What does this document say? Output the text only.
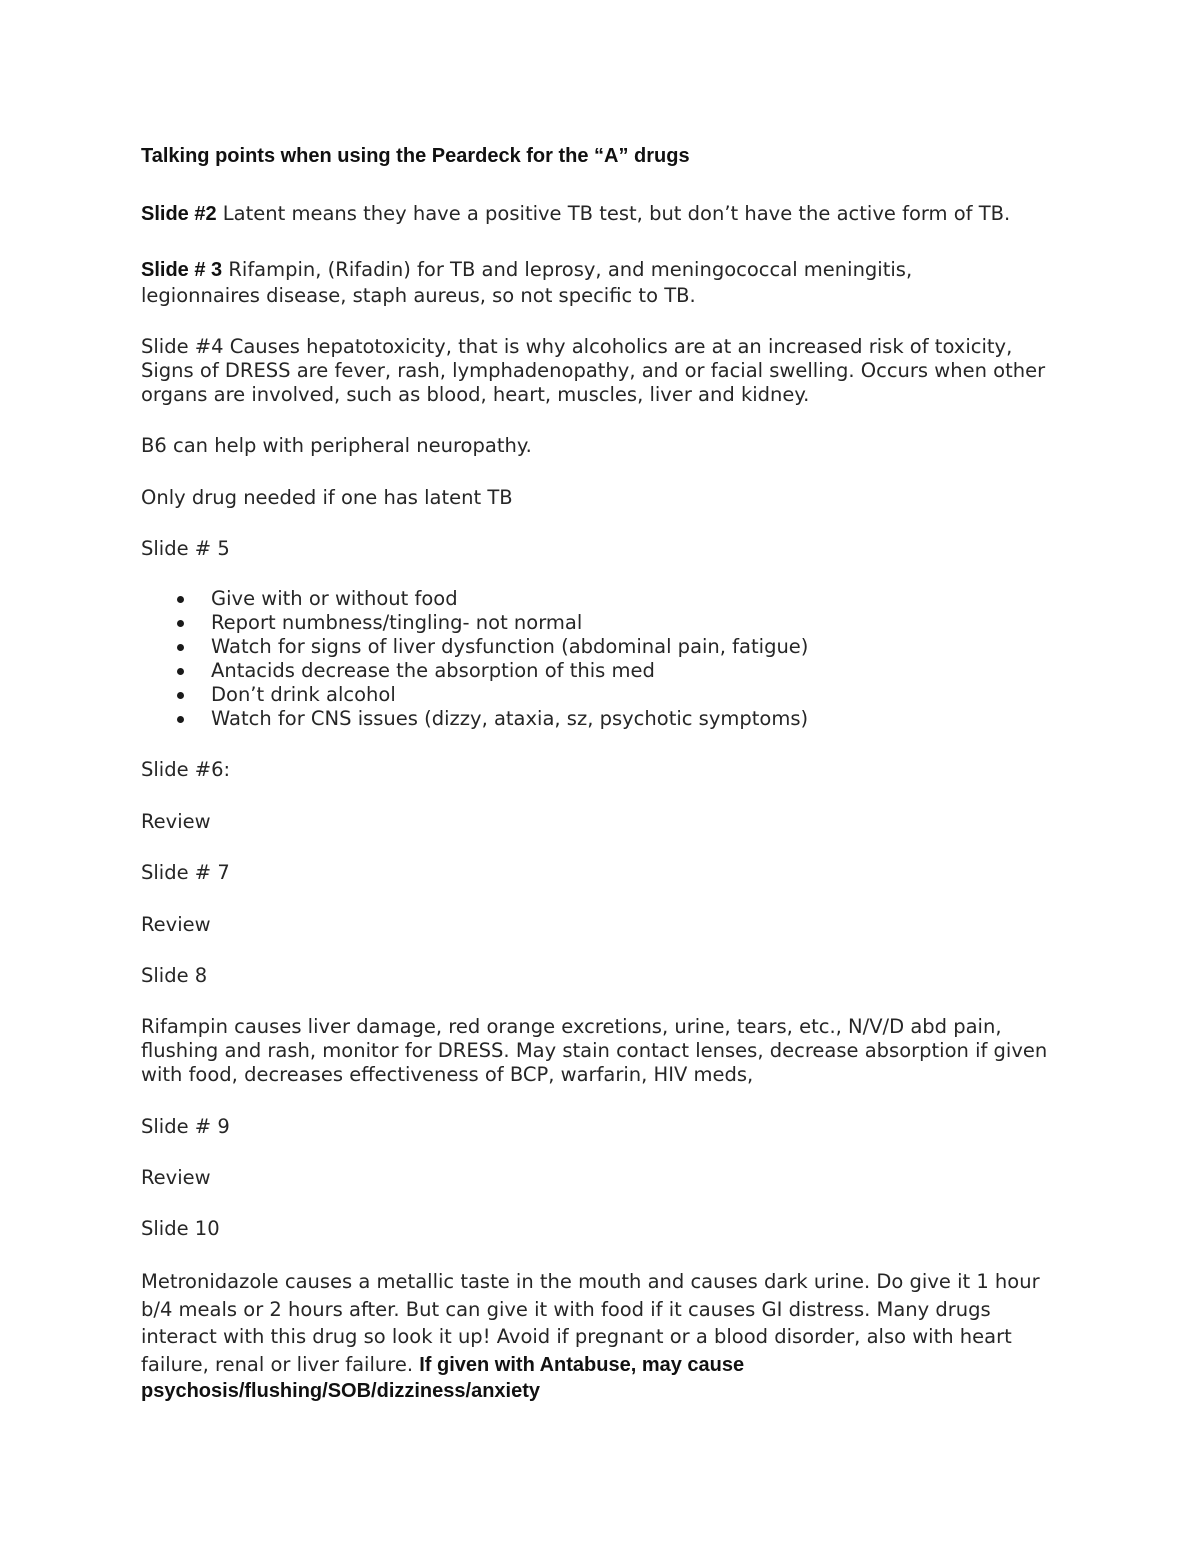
Talking points when using the Peardeck for the “A” drugs
Slide #2 Latent means they have a positive TB test, but don’t have the active form of TB.
Slide # 3 Rifampin, (Rifadin) for TB and leprosy, and meningococcal meningitis, legionnaires disease, staph aureus, so not specific to TB.
Slide #4 Causes hepatotoxicity, that is why alcoholics are at an increased risk of toxicity, Signs of DRESS are fever, rash, lymphadenopathy, and or facial swelling. Occurs when other organs are involved, such as blood, heart, muscles, liver and kidney.
B6 can help with peripheral neuropathy.
Only drug needed if one has latent TB
Slide # 5
Give with or without food
Report numbness/tingling- not normal
Watch for signs of liver dysfunction (abdominal pain, fatigue)
Antacids decrease the absorption of this med
Don’t drink alcohol
Watch for CNS issues (dizzy, ataxia, sz, psychotic symptoms)
Slide #6:
Review
Slide # 7
Review
Slide 8
Rifampin causes liver damage, red orange excretions, urine, tears, etc., N/V/D abd pain, flushing and rash, monitor for DRESS. May stain contact lenses, decrease absorption if given with food, decreases effectiveness of BCP, warfarin, HIV meds,
Slide # 9
Review
Slide 10
Metronidazole causes a metallic taste in the mouth and causes dark urine. Do give it 1 hour b/4 meals or 2 hours after. But can give it with food if it causes GI distress. Many drugs interact with this drug so look it up! Avoid if pregnant or a blood disorder, also with heart failure, renal or liver failure. If given with Antabuse, may cause psychosis/flushing/SOB/dizziness/anxiety
